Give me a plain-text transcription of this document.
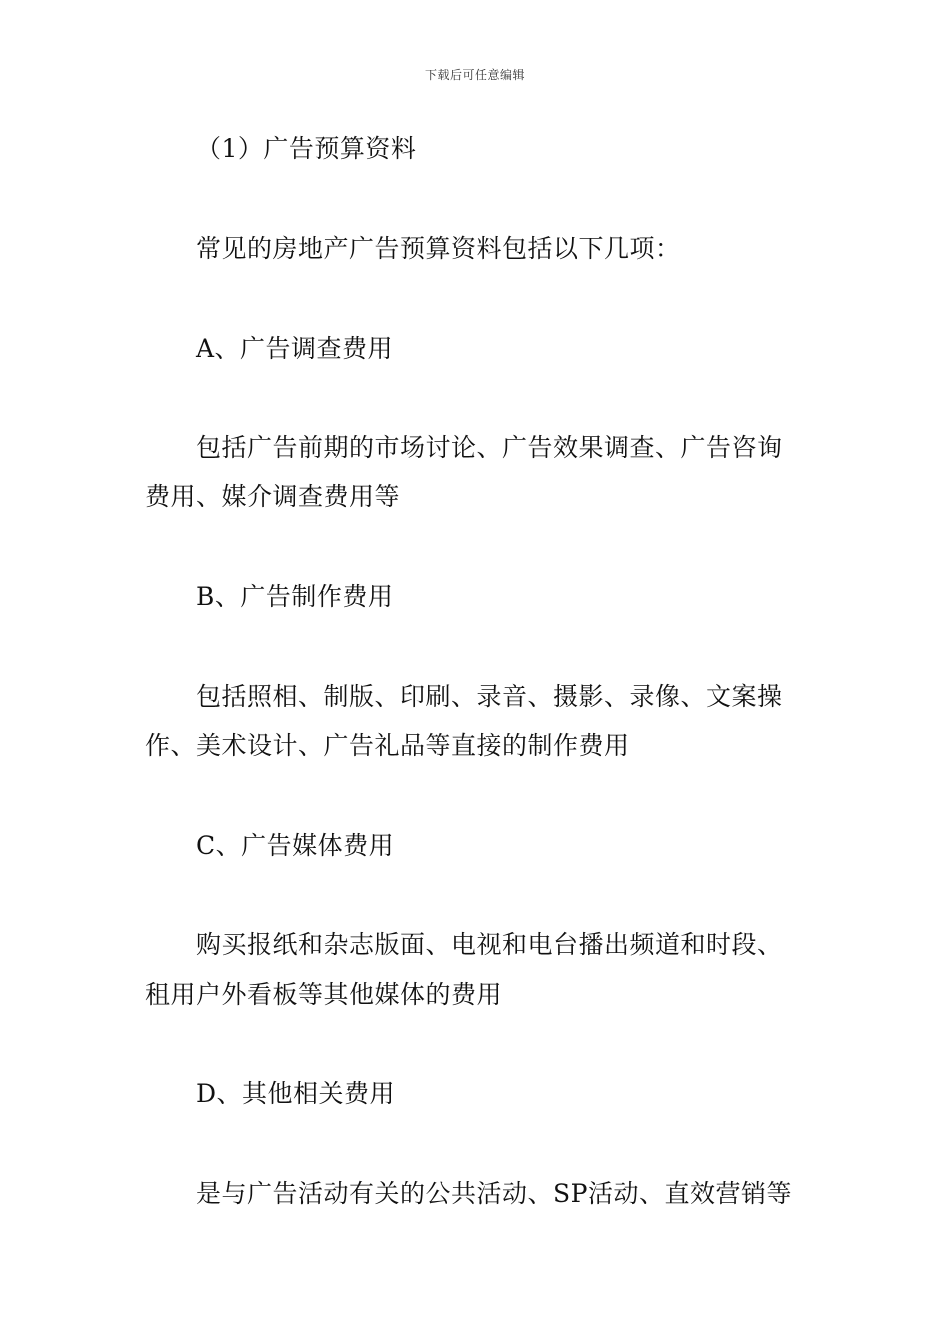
下载后可任意编辑
（1）广告预算资料
常见的房地产广告预算资料包括以下几项：
A、广告调查费用
包括广告前期的市场讨论、广告效果调查、广告咨询
费用、媒介调查费用等
B、广告制作费用
包括照相、制版、印刷、录音、摄影、录像、文案操
作、美术设计、广告礼品等直接的制作费用
C、广告媒体费用
购买报纸和杂志版面、电视和电台播出频道和时段、
租用户外看板等其他媒体的费用
D、其他相关费用
是与广告活动有关的公共活动、SP活动、直效营销等
